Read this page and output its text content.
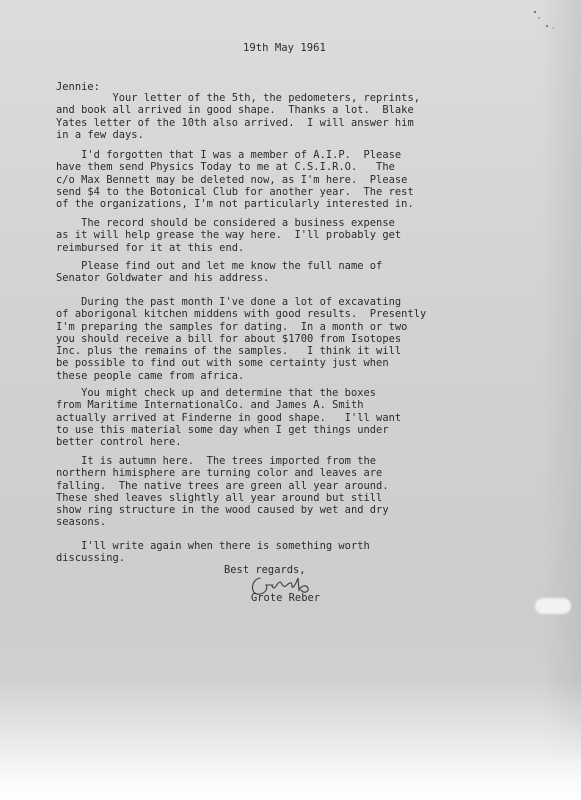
19th May 1961
Jennie:
Your letter of the 5th, the pedometers, reprints,
and book all arrived in good shape.  Thanks a lot.  Blake
Yates letter of the 10th also arrived.  I will answer him
in a few days.
I'd forgotten that I was a member of A.I.P.  Please
have them send Physics Today to me at C.S.I.R.O.   The
c/o Max Bennett may be deleted now, as I'm here.  Please
send $4 to the Botonical Club for another year.  The rest
of the organizations, I'm not particularly interested in.
The record should be considered a business expense
as it will help grease the way here.  I'll probably get
reimbursed for it at this end.
Please find out and let me know the full name of
Senator Goldwater and his address.
During the past month I've done a lot of excavating
of aborigonal kitchen middens with good results.  Presently
I'm preparing the samples for dating.  In a month or two
you should receive a bill for about $1700 from Isotopes
Inc. plus the remains of the samples.   I think it will
be possible to find out with some certainty just when
these people came from africa.
You might check up and determine that the boxes
from Maritime InternationalCo. and James A. Smith
actually arrived at Finderne in good shape.   I'll want
to use this material some day when I get things under
better control here.
It is autumn here.  The trees imported from the
northern himisphere are turning color and leaves are
falling.  The native trees are green all year around.
These shed leaves slightly all year around but still
show ring structure in the wood caused by wet and dry
seasons.
I'll write again when there is something worth
discussing.
Best regards,
Grote Reber
